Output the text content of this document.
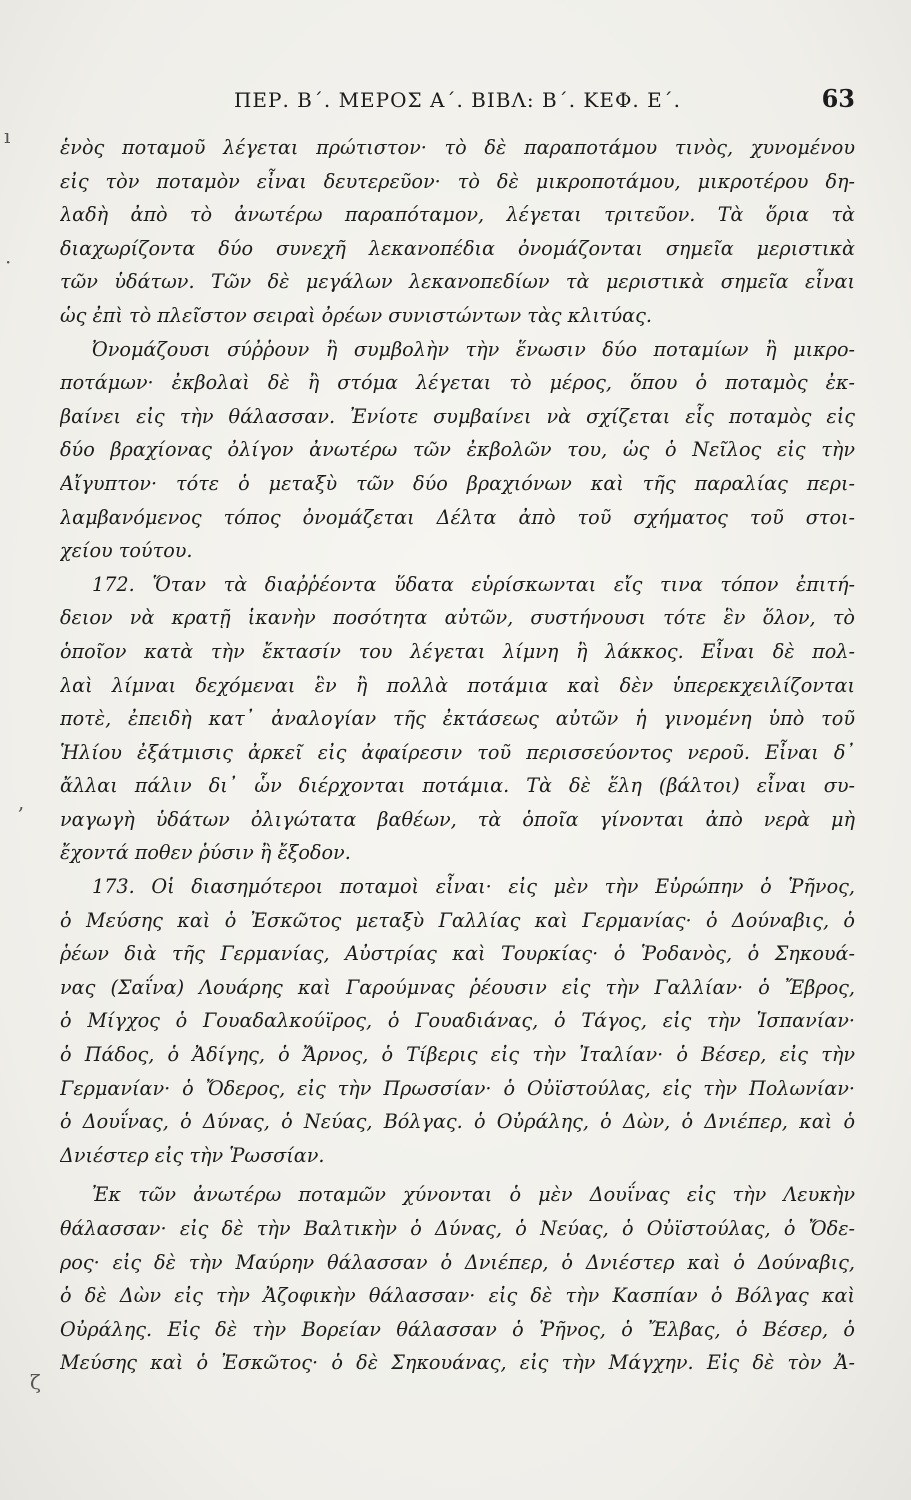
ΠΕΡ. Β΄. ΜΕΡΟΣ Α΄. ΒΙΒΛ: Β΄. ΚΕΦ. Ε΄.	63
ἑνὸς ποταμοῦ λέγεται πρώτιστον· τὸ δὲ παραποτάμου τινὸς, χυνομένου
εἰς τὸν ποταμὸν εἶναι δευτερεῦον· τὸ δὲ μικροποτάμου, μικροτέρου δη-
λαδὴ ἀπὸ τὸ ἀνωτέρω παραπόταμον, λέγεται τριτεῦον. Τὰ ὅρια τὰ
διαχωρίζοντα δύο συνεχῆ λεκανοπέδια ὀνομάζονται σημεῖα μεριστικὰ
τῶν ὑδάτων. Τῶν δὲ μεγάλων λεκανοπεδίων τὰ μεριστικὰ σημεῖα εἶναι
ὡς ἐπὶ τὸ πλεῖστον σειραὶ ὀρέων συνιστώντων τὰς κλιτύας.
Ὀνομάζουσι σύῤῥουν ἢ συμβολὴν τὴν ἕνωσιν δύο ποταμίων ἢ μικρο-
ποτάμων· ἐκβολαὶ δὲ ἢ στόμα λέγεται τὸ μέρος, ὅπου ὁ ποταμὸς ἐκ-
βαίνει εἰς τὴν θάλασσαν. Ἐνίοτε συμβαίνει νὰ σχίζεται εἷς ποταμὸς εἰς
δύο βραχίονας ὀλίγον ἀνωτέρω τῶν ἐκβολῶν του, ὡς ὁ Νεῖλος εἰς τὴν
Αἴγυπτον· τότε ὁ μεταξὺ τῶν δύο βραχιόνων καὶ τῆς παραλίας περι-
λαμβανόμενος τόπος ὀνομάζεται Δέλτα ἀπὸ τοῦ σχήματος τοῦ στοι-
χείου τούτου.
172. Ὅταν τὰ διαῤῥέοντα ὕδατα εὑρίσκωνται εἴς τινα τόπον ἐπιτή-
δειον νὰ κρατῇ ἱκανὴν ποσότητα αὐτῶν, συστήνουσι τότε ἓν ὅλον, τὸ
ὁποῖον κατὰ τὴν ἔκτασίν του λέγεται λίμνη ἢ λάκκος. Εἶναι δὲ πολ-
λαὶ λίμναι δεχόμεναι ἓν ἢ πολλὰ ποτάμια καὶ δὲν ὑπερεκχειλίζονται
ποτὲ, ἐπειδὴ κατ᾽ ἀναλογίαν τῆς ἐκτάσεως αὐτῶν ἡ γινομένη ὑπὸ τοῦ
Ἡλίου ἐξάτμισις ἀρκεῖ εἰς ἀφαίρεσιν τοῦ περισσεύοντος νεροῦ. Εἶναι δ᾽
ἄλλαι πάλιν δι᾽ ὧν διέρχονται ποτάμια. Τὰ δὲ ἕλη (βάλτοι) εἶναι συ-
ναγωγὴ ὑδάτων ὀλιγώτατα βαθέων, τὰ ὁποῖα γίνονται ἀπὸ νερὰ μὴ
ἔχοντά ποθεν ῥύσιν ἢ ἔξοδον.
173. Οἱ διασημότεροι ποταμοὶ εἶναι· εἰς μὲν τὴν Εὐρώπην ὁ Ῥῆνος,
ὁ Μεύσης καὶ ὁ Ἐσκῶτος μεταξὺ Γαλλίας καὶ Γερμανίας· ὁ Δούναβις, ὁ
ῥέων διὰ τῆς Γερμανίας, Αὐστρίας καὶ Τουρκίας· ὁ Ῥοδανὸς, ὁ Σηκουά-
νας (Σαΐνα) Λουάρης καὶ Γαρούμνας ῥέουσιν εἰς τὴν Γαλλίαν· ὁ Ἔβρος,
ὁ Μίγχος ὁ Γουαδαλκούϊρος, ὁ Γουαδιάνας, ὁ Τάγος, εἰς τὴν Ἱσπανίαν·
ὁ Πάδος, ὁ Ἀδίγης, ὁ Ἄρνος, ὁ Τίβερις εἰς τὴν Ἰταλίαν· ὁ Βέσερ, εἰς τὴν
Γερμανίαν· ὁ Ὄδερος, εἰς τὴν Πρωσσίαν· ὁ Οὐϊστούλας, εἰς τὴν Πολωνίαν·
ὁ Δουΐνας, ὁ Δύνας, ὁ Νεύας, Βόλγας. ὁ Οὐράλης, ὁ Δὼν, ὁ Δνιέπερ, καὶ ὁ
Δνιέστερ εἰς τὴν Ῥωσσίαν.
Ἐκ τῶν ἀνωτέρω ποταμῶν χύνονται ὁ μὲν Δουΐνας εἰς τὴν Λευκὴν
θάλασσαν· εἰς δὲ τὴν Βαλτικὴν ὁ Δύνας, ὁ Νεύας, ὁ Οὐϊστούλας, ὁ Ὄδε-
ρος· εἰς δὲ τὴν Μαύρην θάλασσαν ὁ Δνιέπερ, ὁ Δνιέστερ καὶ ὁ Δούναβις,
ὁ δὲ Δὼν εἰς τὴν Ἀζοφικὴν θάλασσαν· εἰς δὲ τὴν Κασπίαν ὁ Βόλγας καὶ
Οὐράλης. Εἰς δὲ τὴν Βορείαν θάλασσαν ὁ Ῥῆνος, ὁ Ἔλβας, ὁ Βέσερ, ὁ
Μεύσης καὶ ὁ Ἐσκῶτος· ὁ δὲ Σηκουάνας, εἰς τὴν Μάγχην. Εἰς δὲ τὸν Ἀ-
ı
·
,
ζ
